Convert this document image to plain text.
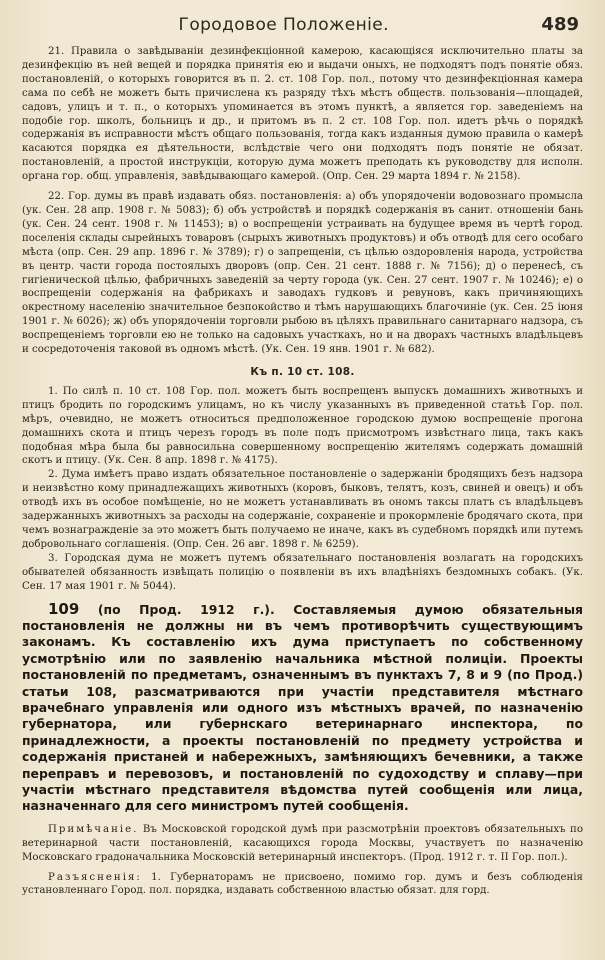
Городовое Положенiе.	489

21. Правила о завѣдыванiи дезинфекцiонной камерою, касающiяся исключительно платы за дезинфекцiю въ ней вещей и порядка принятiя ею и выдачи оныхъ, не подходятъ подъ понятiе обяз. постановленiй, о которыхъ говорится въ п. 2. ст. 108 Гор. пол., потому что дезинфекцiонная камера сама по себѣ не можетъ быть причислена къ разряду тѣхъ мѣстъ обществ. пользованiя—площадей, садовъ, улицъ и т. п., о которыхъ упоминается въ этомъ пунктѣ, а является гор. заведенiемъ на подобiе гор. школъ, больницъ и др., и притомъ въ п. 2 ст. 108 Гор. пол. идетъ рѣчь о порядкѣ содержанiя въ исправности мѣстъ общаго пользованiя, тогда какъ изданныя думою правила о камерѣ касаются порядка ея дѣятельности, вслѣдствiе чего они подходятъ подъ понятiе не обязат. постановленiй, а простой инструкцiи, которую дума можетъ преподать къ руководству для исполн. органа гор. общ. управленiя, завѣдывающаго камерой. (Опр. Сен. 29 марта 1894 г. № 2158).

22. Гор. думы въ правѣ издавать обяз. постановленiя: а) объ упорядоченiи водовознаго промысла (ук. Сен. 28 апр. 1908 г. № 5083); б) объ устройствѣ и порядкѣ содержанiя въ санит. отношенiи бань (ук. Сен. 24 сент. 1908 г. № 11453); в) о воспрещенiи устраивать на будущее время въ чертѣ город. поселенiя склады сырейныхъ товаровъ (сырыхъ животныхъ продуктовъ) и объ отводѣ для сего особаго мѣста (опр. Сен. 29 апр. 1896 г. № 3789); г) о запрещенiи, съ цѣлью оздоровленiя народа, устройства въ центр. части города постоялыхъ дворовъ (опр. Сен. 21 сент. 1888 г. № 7156); д) о перенесѣ, съ гигiенической цѣлью, фабричныхъ заведенiй за черту города (ук. Сен. 27 сент. 1907 г. № 10246); е) о воспрещенiи содержанiя на фабрикахъ и заводахъ гудковъ и ревуновъ, какъ причиняющихъ окрестному населенiю значительное безпокойство и тѣмъ нарушающихъ благочинiе (ук. Сен. 25 iюня 1901 г. № 6026); ж) объ упорядоченiи торговли рыбою въ цѣляхъ правильнаго санитарнаго надзора, съ воспрещенiемъ торговли ею не только на садовыхъ участкахъ, но и на дворахъ частныхъ владѣльцевъ и сосредоточенiя таковой въ одномъ мѣстѣ. (Ук. Сен. 19 янв. 1901 г. № 682).

Къ п. 10 ст. 108.

1. По силѣ п. 10 ст. 108 Гор. пол. можетъ быть воспрещенъ выпускъ домашнихъ животныхъ и птицъ бродить по городскимъ улицамъ, но къ числу указанныхъ въ приведенной статьѣ Гор. пол. мѣръ, очевидно, не можетъ относиться предположенное городскою думою воспрещенiе прогона домашнихъ скота и птицъ черезъ городъ въ поле подъ присмотромъ извѣстнаго лица, такъ какъ подобная мѣра была бы равносильна совершенному воспрещенiю жителямъ содержать домашнiй скотъ и птицу. (Ук. Сен. 8 апр. 1898 г. № 4175).

2. Дума имѣетъ право издать обязательное постановленiе о задержанiи бродящихъ безъ надзора и неизвѣстно кому принадлежащихъ животныхъ (коровъ, быковъ, телятъ, козъ, свиней и овецъ) и объ отводѣ ихъ въ особое помѣщенiе, но не можетъ устанавливать въ ономъ таксы платъ съ владѣльцевъ задержанныхъ животныхъ за расходы на содержанiе, сохраненiе и прокормленiе бродячаго скота, при чемъ вознагражденiе за это можетъ быть получаемо не иначе, какъ въ судебномъ порядкѣ или путемъ добровольнаго соглашенiя. (Опр. Сен. 26 авг. 1898 г. № 6259).

3. Городская дума не можетъ путемъ обязательнаго постановленiя возлагать на городскихъ обывателей обязанность извѣщать полицiю о появленiи въ ихъ владѣнiяхъ бездомныхъ собакъ. (Ук. Сен. 17 мая 1901 г. № 5044).

109 (по Прод. 1912 г.). Составляемыя думою обязательныя постановленiя не должны ни въ чемъ противорѣчить существующимъ законамъ. Къ составленiю ихъ дума приступаетъ по собственному усмотрѣнiю или по заявленiю начальника мѣстной полицiи. Проекты постановленiй по предметамъ, означеннымъ въ пунктахъ 7, 8 и 9 (по Прод.) статьи 108, разсматриваются при участiи представителя мѣстнаго врачебнаго управленiя или одного изъ мѣстныхъ врачей, по назначенiю губернатора, или губернскаго ветеринарнаго инспектора, по принадлежности, а проекты постановленiй по предмету устройства и содержанiя пристаней и набережныхъ, замѣняющихъ бечевники, а также переправъ и перевозовъ, и постановленiй по судоходству и сплаву—при участiи мѣстнаго представителя вѣдомства путей сообщенiя или лица, назначеннаго для сего министромъ путей сообщенiя.

Примѣчанiе. Въ Московской городской думѣ при разсмотрѣнiи проектовъ обязательныхъ по ветеринарной части постановленiй, касающихся города Москвы, участвуетъ по назначенiю Московскаго градоначальника Московскiй ветеринарный инспекторъ. (Прод. 1912 г. т. II Гор. пол.).

Разъясненiя: 1. Губернаторамъ не присвоено, помимо гор. думъ и безъ соблюденiя установленнаго Город. пол. порядка, издавать собственною властью обязат. для горд.
